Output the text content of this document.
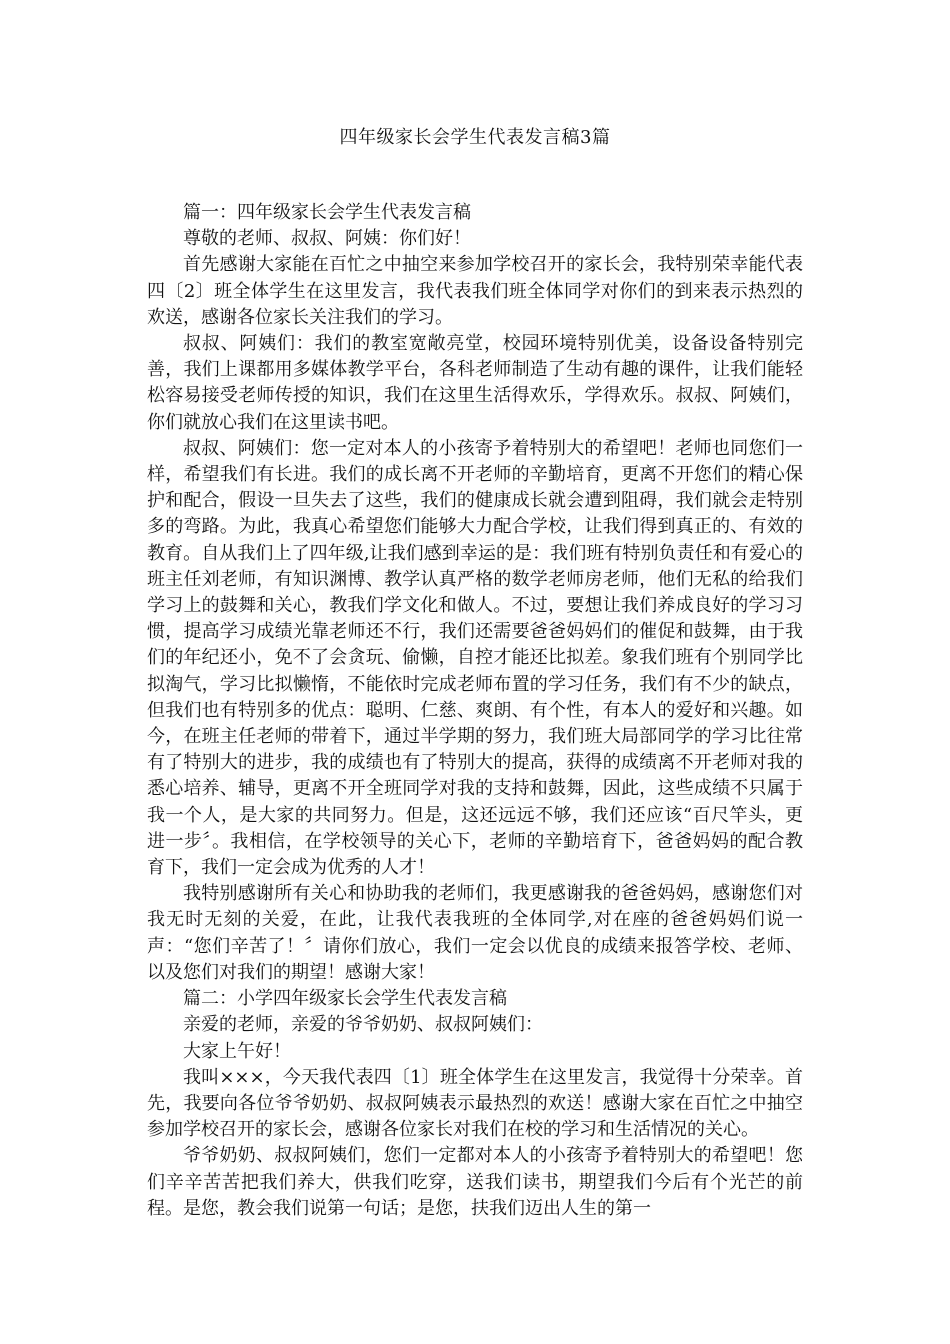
四年级家长会学生代表发言稿3篇

篇一：四年级家长会学生代表发言稿

尊敬的老师、叔叔、阿姨：你们好！

首先感谢大家能在百忙之中抽空来参加学校召开的家长会，我特别荣幸能代表四〔2〕班全体学生在这里发言，我代表我们班全体同学对你们的到来表示热烈的欢送，感谢各位家长关注我们的学习。

叔叔、阿姨们：我们的教室宽敞亮堂，校园环境特别优美，设备设备特别完善，我们上课都用多媒体教学平台，各科老师制造了生动有趣的课件，让我们能轻松容易接受老师传授的知识，我们在这里生活得欢乐，学得欢乐。叔叔、阿姨们，你们就放心我们在这里读书吧。

叔叔、阿姨们：您一定对本人的小孩寄予着特别大的希望吧！老师也同您们一样，希望我们有长进。我们的成长离不开老师的辛勤培育，更离不开您们的精心保护和配合，假设一旦失去了这些，我们的健康成长就会遭到阻碍，我们就会走特别多的弯路。为此，我真心希望您们能够大力配合学校，让我们得到真正的、有效的教育。自从我们上了四年级,让我们感到幸运的是：我们班有特别负责任和有爱心的班主任刘老师，有知识渊博、教学认真严格的数学老师房老师，他们无私的给我们学习上的鼓舞和关心，教我们学文化和做人。不过，要想让我们养成良好的学习习惯，提高学习成绩光靠老师还不行，我们还需要爸爸妈妈们的催促和鼓舞，由于我们的年纪还小，免不了会贪玩、偷懒，自控才能还比拟差。象我们班有个别同学比拟淘气，学习比拟懒惰，不能依时完成老师布置的学习任务，我们有不少的缺点，但我们也有特别多的优点：聪明、仁慈、爽朗、有个性，有本人的爱好和兴趣。如今，在班主任老师的带着下，通过半学期的努力，我们班大局部同学的学习比往常有了特别大的进步，我的成绩也有了特别大的提高，获得的成绩离不开老师对我的悉心培养、辅导，更离不开全班同学对我的支持和鼓舞，因此，这些成绩不只属于我一个人，是大家的共同努力。但是，这还远远不够，我们还应该“百尺竿头，更进一步〞。我相信，在学校领导的关心下，老师的辛勤培育下，爸爸妈妈的配合教育下，我们一定会成为优秀的人才！

我特别感谢所有关心和协助我的老师们，我更感谢我的爸爸妈妈，感谢您们对我无时无刻的关爱，在此，让我代表我班的全体同学,对在座的爸爸妈妈们说一声：“您们辛苦了！〞请你们放心，我们一定会以优良的成绩来报答学校、老师、以及您们对我们的期望！感谢大家！

篇二：小学四年级家长会学生代表发言稿

亲爱的老师，亲爱的爷爷奶奶、叔叔阿姨们：

大家上午好！

我叫×××，今天我代表四〔1〕班全体学生在这里发言，我觉得十分荣幸。首先，我要向各位爷爷奶奶、叔叔阿姨表示最热烈的欢送！感谢大家在百忙之中抽空参加学校召开的家长会，感谢各位家长对我们在校的学习和生活情况的关心。

爷爷奶奶、叔叔阿姨们，您们一定都对本人的小孩寄予着特别大的希望吧！您们辛辛苦苦把我们养大，供我们吃穿，送我们读书，期望我们今后有个光芒的前程。是您，教会我们说第一句话；是您，扶我们迈出人生的第一
